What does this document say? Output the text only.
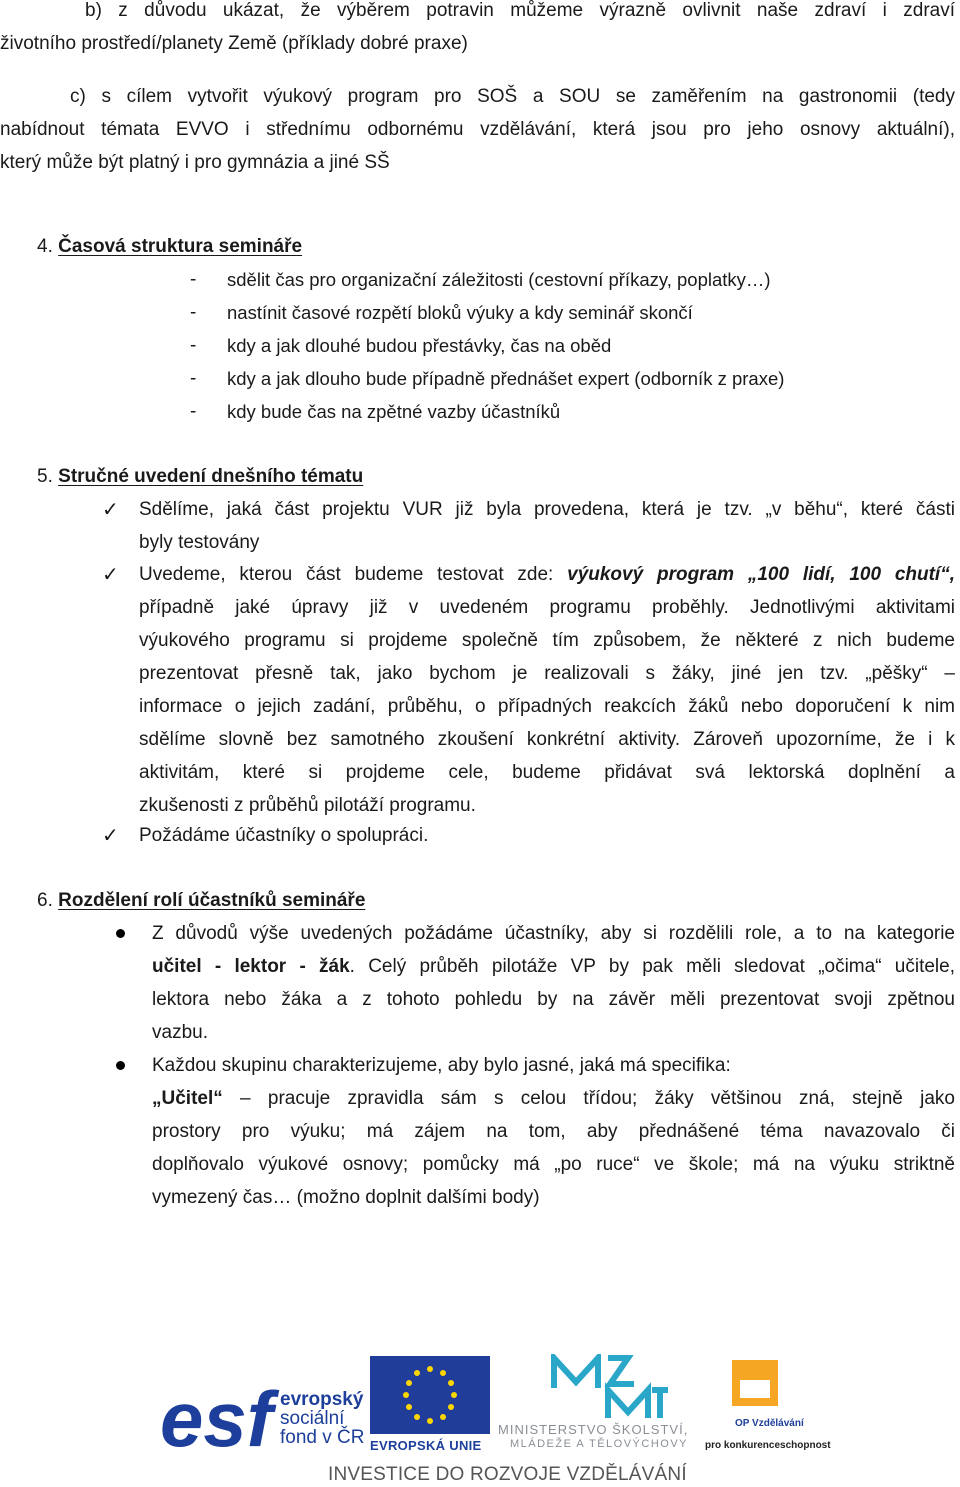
b) z důvodu ukázat, že výběrem potravin můžeme výrazně ovlivnit naše zdraví i zdraví
životního prostředí/planety Země (příklady dobré praxe)
c) s cílem vytvořit výukový program pro SOŠ a SOU se zaměřením na gastronomii (tedy
nabídnout témata EVVO i střednímu odbornému vzdělávání, která jsou pro jeho osnovy aktuální),
který může být platný i pro gymnázia a jiné SŠ
4. Časová struktura semináře
- sdělit čas pro organizační záležitosti (cestovní příkazy, poplatky…)
- nastínit časové rozpětí bloků výuky a kdy seminář skončí
- kdy a jak dlouhé budou přestávky, čas na oběd
- kdy a jak dlouho bude případně přednášet expert (odborník z praxe)
- kdy bude čas na zpětné vazby účastníků
5. Stručné uvedení dnešního tématu
✓ Sdělíme, jaká část projektu VUR již byla provedena, která je tzv. „v běhu“, které části
byly testovány
✓ Uvedeme, kterou část budeme testovat zde: výukový program „100 lidí, 100 chutí“,
případně jaké úpravy již v uvedeném programu proběhly. Jednotlivými aktivitami
výukového programu si projdeme společně tím způsobem, že některé z nich budeme
prezentovat přesně tak, jako bychom je realizovali s žáky, jiné jen tzv. „pěšky“ –
informace o jejich zadání, průběhu, o případných reakcích žáků nebo doporučení k nim
sdělíme slovně bez samotného zkoušení konkrétní aktivity. Zároveň upozorníme, že i k
aktivitám, které si projdeme cele, budeme přidávat svá lektorská doplnění a
zkušenosti z průběhů pilotáží programu.
✓ Požádáme účastníky o spolupráci.
6. Rozdělení rolí účastníků semináře
Z důvodů výše uvedených požádáme účastníky, aby si rozdělili role, a to na kategorie
učitel - lektor - žák. Celý průběh pilotáže VP by pak měli sledovat „očima“ učitele,
lektora nebo žáka a z tohoto pohledu by na závěr měli prezentovat svoji zpětnou
vazbu.
Každou skupinu charakterizujeme, aby bylo jasné, jaká má specifika:
„Učitel“ – pracuje zpravidla sám s celou třídou; žáky většinou zná, stejně jako
prostory pro výuku; má zájem na tom, aby přednášené téma navazovalo či
doplňovalo výukové osnovy; pomůcky má „po ruce“ ve škole; má na výuku striktně
vymezený čas… (možno doplnit dalšími body)
esf evropský
sociální
fond v ČR EVROPSKÁ UNIE
MINISTERSTVO ŠKOLSTVÍ,
MLÁDEŽE A TĚLOVÝCHOVY
OP Vzdělávání
pro konkurenceschopnost
INVESTICE DO ROZVOJE VZDĚLÁVÁNÍ
